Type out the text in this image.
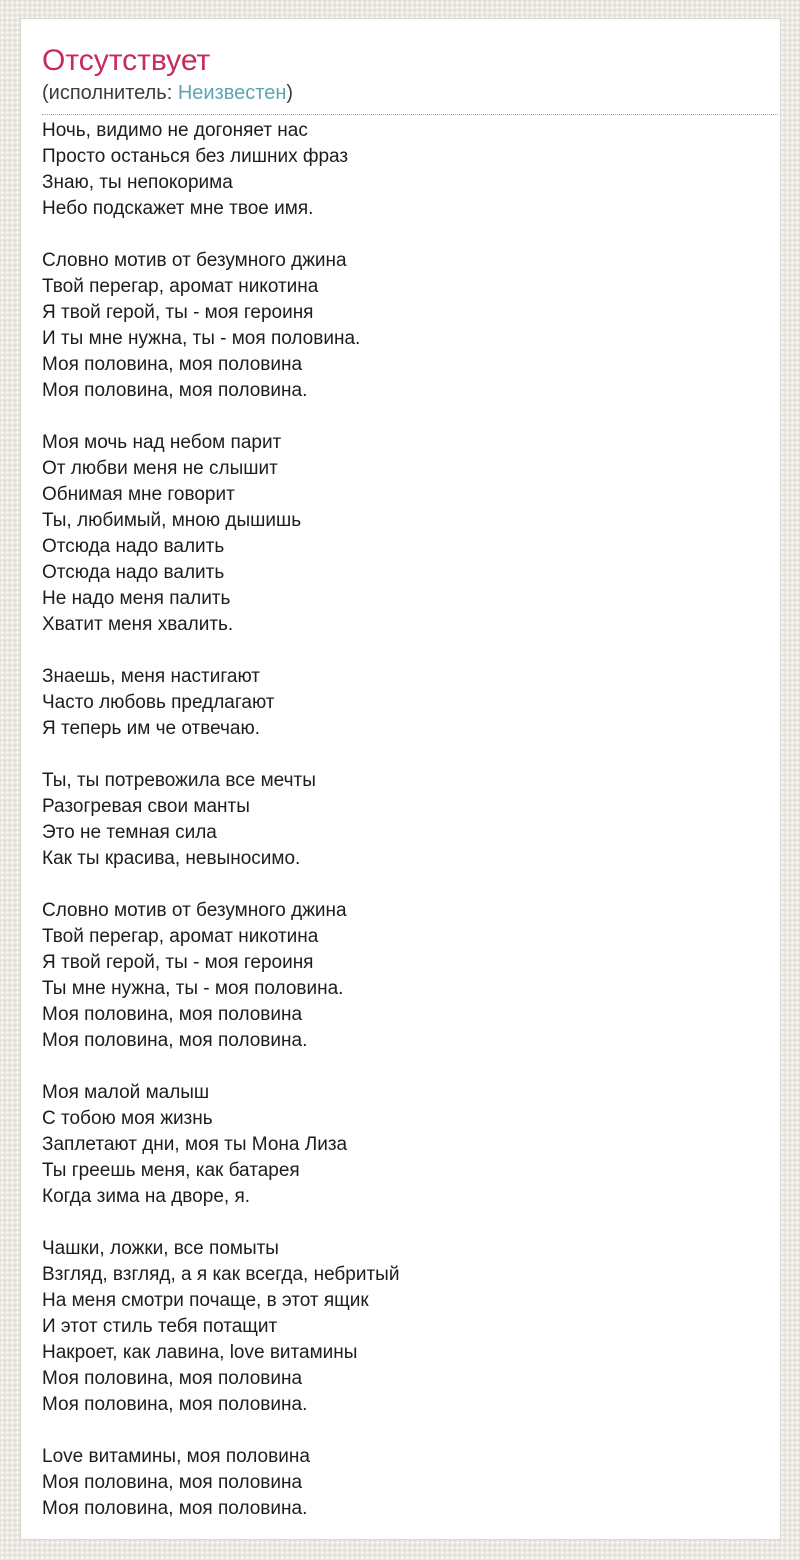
Отсутствует
(исполнитель: Неизвестен)

Ночь, видимо не догоняет нас
Просто останься без лишних фраз
Знаю, ты непокорима
Небо подскажет мне твое имя.

Словно мотив от безумного джина
Твой перегар, аромат никотина
Я твой герой, ты - моя героиня
И ты мне нужна, ты - моя половина.
Моя половина, моя половина
Моя половина, моя половина.

Моя мочь над небом парит
От любви меня не слышит
Обнимая мне говорит
Ты, любимый, мною дышишь
Отсюда надо валить
Отсюда надо валить
Не надо меня палить
Хватит меня хвалить.

Знаешь, меня настигают
Часто любовь предлагают
Я теперь им че отвечаю.

Ты, ты потревожила все мечты
Разогревая свои манты
Это не темная сила
Как ты красива, невыносимо.

Словно мотив от безумного джина
Твой перегар, аромат никотина
Я твой герой, ты - моя героиня
Ты мне нужна, ты - моя половина.
Моя половина, моя половина
Моя половина, моя половина.

Моя малой малыш
С тобою моя жизнь
Заплетают дни, моя ты Мона Лиза
Ты греешь меня, как батарея
Когда зима на дворе, я.

Чашки, ложки, все помыты
Взгляд, взгляд, а я как всегда, небритый
На меня смотри почаще, в этот ящик
И этот стиль тебя потащит
Накроет, как лавина, love витамины
Моя половина, моя половина
Моя половина, моя половина.

Love витамины, моя половина
Моя половина, моя половина
Моя половина, моя половина.
